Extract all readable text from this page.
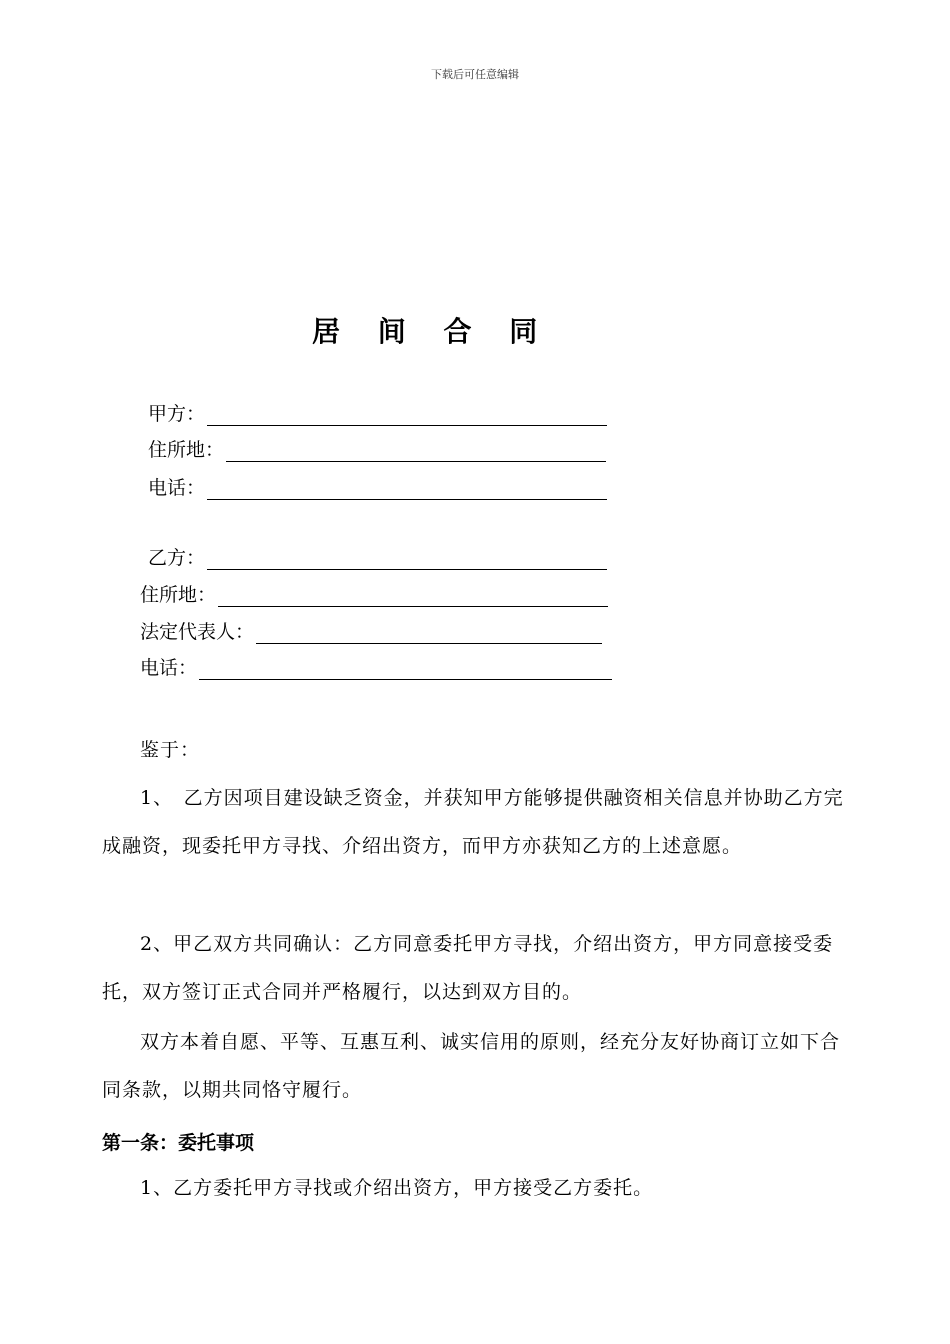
下载后可任意编辑
居 间 合 同
甲方：
住所地：
电话：
乙方：
住所地：
法定代表人：
电话：

鉴于：

1、　乙方因项目建设缺乏资金，并获知甲方能够提供融资相关信息并协助乙方完成融资，现委托甲方寻找、介绍出资方，而甲方亦获知乙方的上述意愿。

2、甲乙双方共同确认：乙方同意委托甲方寻找，介绍出资方，甲方同意接受委托，双方签订正式合同并严格履行，以达到双方目的。

双方本着自愿、平等、互惠互利、诚实信用的原则，经充分友好协商订立如下合同条款，以期共同恪守履行。

第一条：委托事项

1、乙方委托甲方寻找或介绍出资方，甲方接受乙方委托。
